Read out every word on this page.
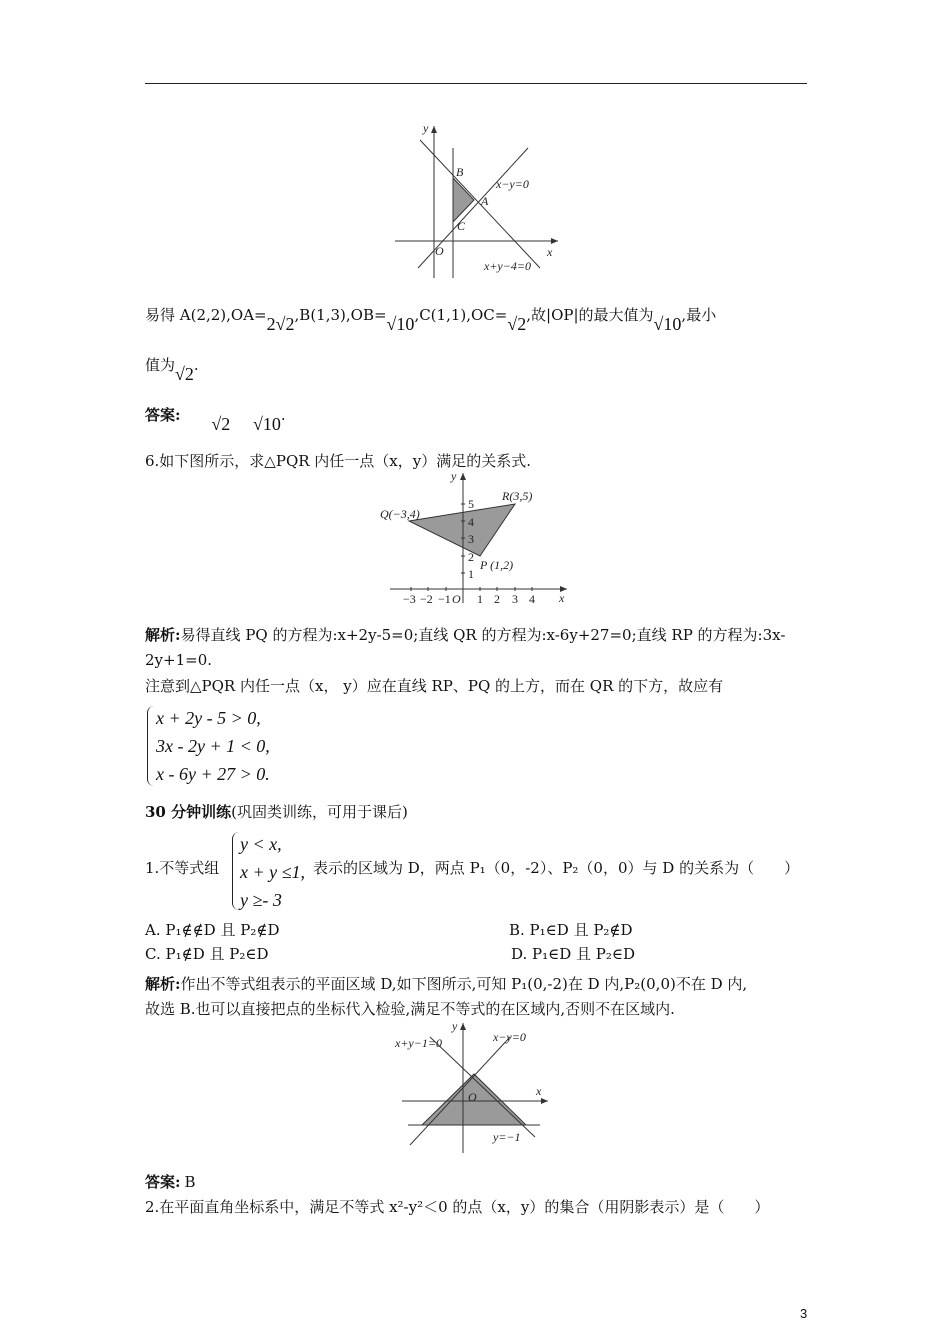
y
x
O
B
A
C
x−y=0
x+y−4=0
易得 A(2,2),OA=2√2,B(1,3),OB=√10,C(1,1),OC=√2,故|OP|的最大值为√10,最小
值为√2.
答案: √2 √10.
6.如下图所示，求△PQR 内任一点（x，y）满足的关系式.
y
x
O
5
4
3
2
1
−3 −2 −1 1 2 3 4
Q(−3,4)
R(3,5)
P (1,2)
解析:易得直线 PQ 的方程为:x+2y-5=0;直线 QR 的方程为:x-6y+27=0;直线 RP 的方程为:3x-
2y+1=0.
注意到△PQR 内任一点（x， y）应在直线 RP、PQ 的上方，而在 QR 的下方，故应有
x + 2y - 5 > 0,
3x - 2y + 1 < 0,
x - 6y + 27 > 0.
30 分钟训练(巩固类训练，可用于课后)
1.不等式组
y < x,
x + y ≤1,
y ≥- 3
表示的区域为 D，两点 P₁（0，-2）、P₂（0，0）与 D 的关系为（　　）
A. P₁∉∉D 且 P₂∉D	B. P₁∈D 且 P₂∉D
C. P₁∉D 且 P₂∈D	D. P₁∈D 且 P₂∈D
解析:作出不等式组表示的平面区域 D,如下图所示,可知 P₁(0,-2)在 D 内,P₂(0,0)不在 D 内,
故选 B.也可以直接把点的坐标代入检验,满足不等式的在区域内,否则不在区域内.
y
x
O
x+y−1=0	x−y=0
y=−1
答案: B
2.在平面直角坐标系中，满足不等式 x²-y²＜0 的点（x，y）的集合（用阴影表示）是（　　）
3
